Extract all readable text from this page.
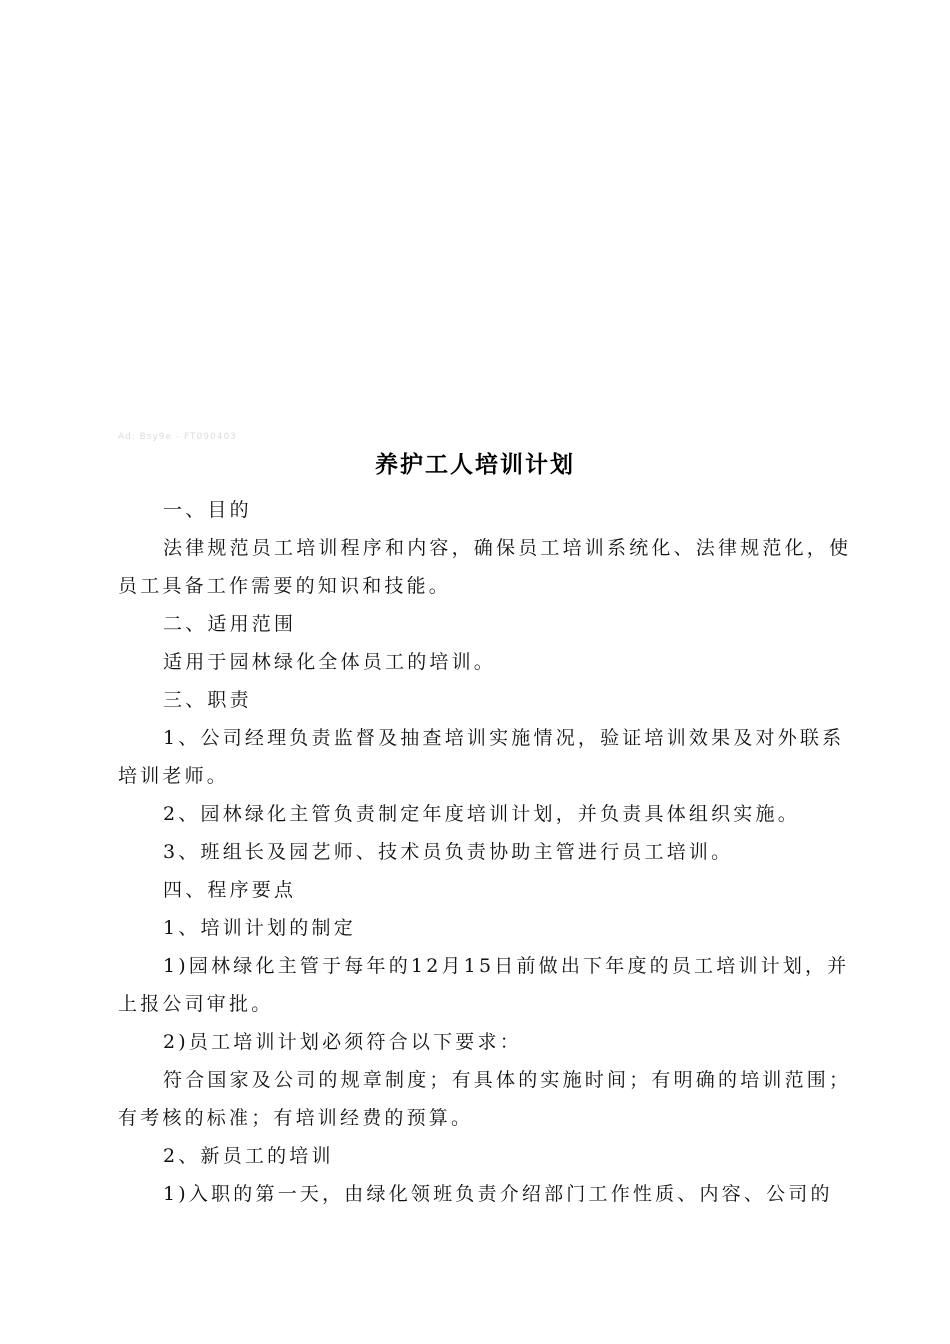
Ad: Bsy9e - FT090403
养护工人培训计划

一、目的

法律规范员工培训程序和内容，确保员工培训系统化、法律规范化，使员工具备工作需要的知识和技能。

二、适用范围

适用于园林绿化全体员工的培训。

三、职责

1、公司经理负责监督及抽查培训实施情况，验证培训效果及对外联系培训老师。

2、园林绿化主管负责制定年度培训计划，并负责具体组织实施。

3、班组长及园艺师、技术员负责协助主管进行员工培训。

四、程序要点

1、培训计划的制定

1)园林绿化主管于每年的12月15日前做出下年度的员工培训计划，并上报公司审批。

2)员工培训计划必须符合以下要求：

符合国家及公司的规章制度；有具体的实施时间；有明确的培训范围；有考核的标准；有培训经费的预算。

2、新员工的培训

1)入职的第一天，由绿化领班负责介绍部门工作性质、内容、公司的
